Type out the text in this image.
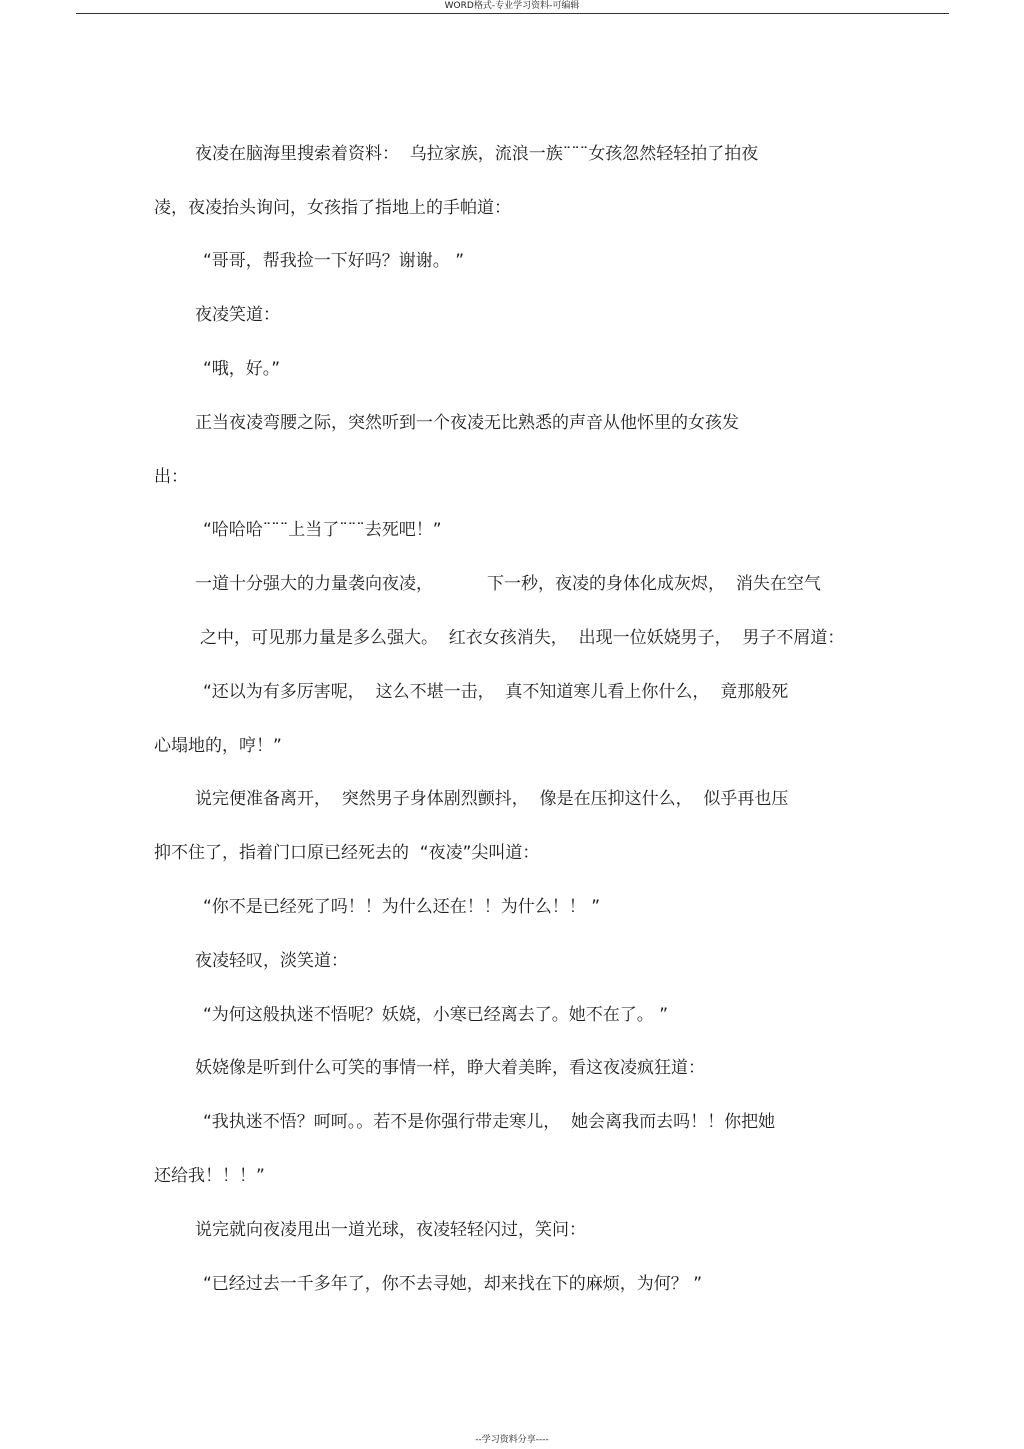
WORD格式-专业学习资料-可编辑
夜凌在脑海里搜索着资料：  乌拉家族，流浪一族¨¨¨女孩忽然轻轻拍了拍夜
凌，夜凌抬头询问，女孩指了指地上的手帕道：
“哥哥，帮我捡一下好吗？谢谢。 ”
夜凌笑道：
“哦，好。”
正当夜凌弯腰之际，突然听到一个夜凌无比熟悉的声音从他怀里的女孩发
出：
“哈哈哈¨¨¨上当了¨¨¨去死吧！”
一道十分强大的力量袭向夜凌，          下一秒，夜凌的身体化成灰烬，  消失在空气
之中，可见那力量是多么强大。  红衣女孩消失，  出现一位妖娆男子，  男子不屑道：
“还以为有多厉害呢，  这么不堪一击，  真不知道寒儿看上你什么，  竟那般死
心塌地的，哼！”
说完便准备离开，  突然男子身体剧烈颤抖，  像是在压抑这什么，  似乎再也压
抑不住了，指着门口原已经死去的  “夜凌”尖叫道：
“你不是已经死了吗！！为什么还在！！为什么！！ ”
夜凌轻叹，淡笑道：
“为何这般执迷不悟呢？妖娆，小寒已经离去了。她不在了。 ”
妖娆像是听到什么可笑的事情一样，睁大着美眸，看这夜凌疯狂道：
“我执迷不悟？呵呵。。若不是你强行带走寒儿，  她会离我而去吗！！你把她
还给我！！！”
说完就向夜凌甩出一道光球，夜凌轻轻闪过，笑问：
“已经过去一千多年了，你不去寻她，却来找在下的麻烦，为何？ ”
--学习资料分享----
